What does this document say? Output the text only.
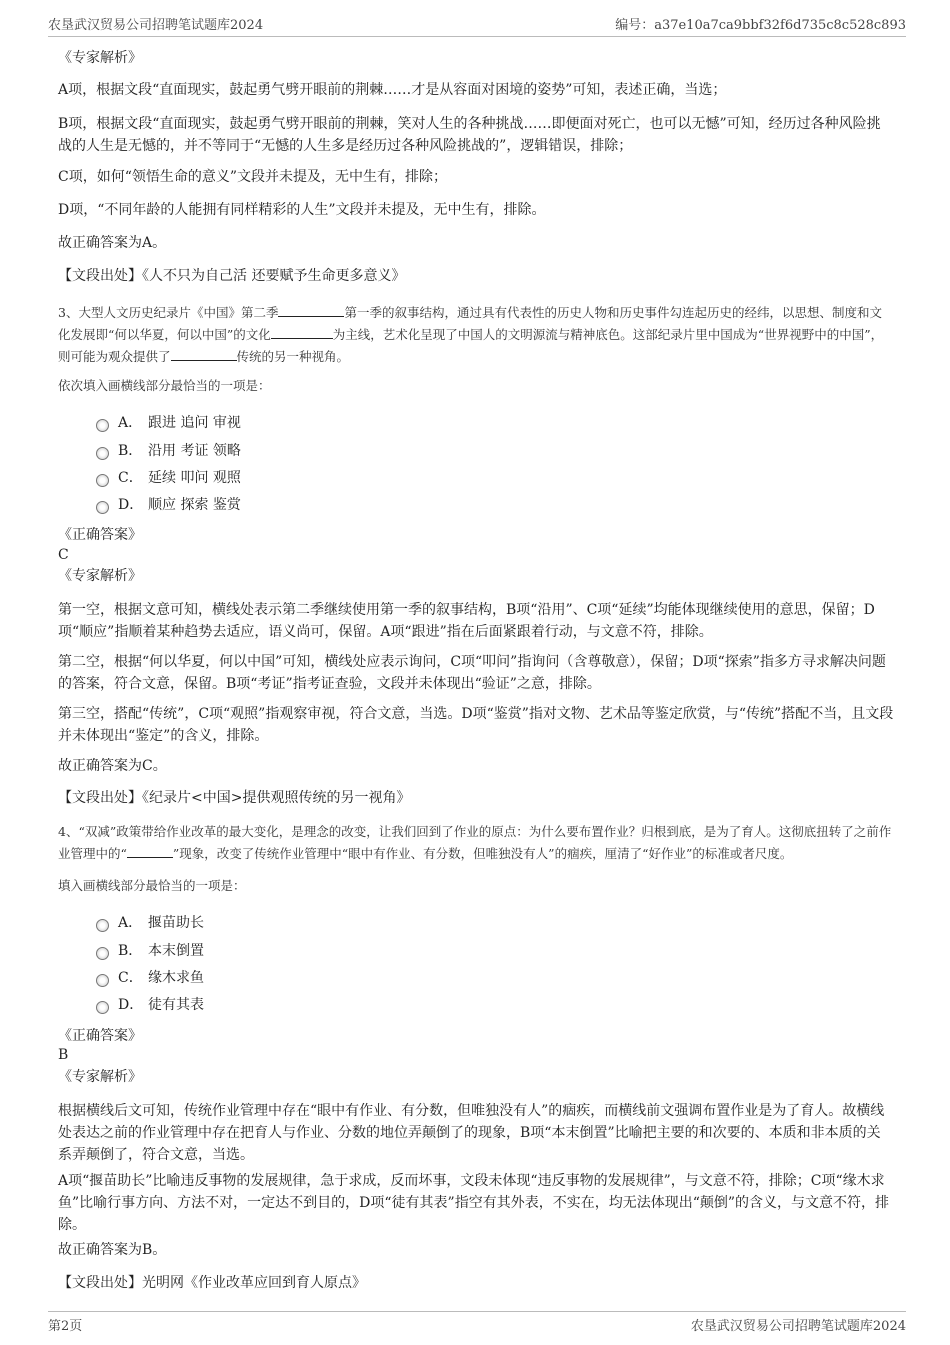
农垦武汉贸易公司招聘笔试题库2024	编号：a37e10a7ca9bbf32f6d735c8c528c893

《专家解析》

A项，根据文段“直面现实，鼓起勇气劈开眼前的荆棘……才是从容面对困境的姿势”可知，表述正确，当选；

B项，根据文段“直面现实，鼓起勇气劈开眼前的荆棘，笑对人生的各种挑战……即便面对死亡，也可以无憾”可知，经历过各种风险挑战的人生是无憾的，并不等同于“无憾的人生多是经历过各种风险挑战的”，逻辑错误，排除；

C项，如何“领悟生命的意义”文段并未提及，无中生有，排除；

D项，“不同年龄的人能拥有同样精彩的人生”文段并未提及，无中生有，排除。

故正确答案为A。

【文段出处】《人不只为自己活 还要赋予生命更多意义》

3、大型人文历史纪录片《中国》第二季	第一季的叙事结构，通过具有代表性的历史人物和历史事件勾连起历史的经纬，以思想、制度和文化发展即“何以华夏，何以中国”的文化	为主线，艺术化呈现了中国人的文明源流与精神底色。这部纪录片里中国成为“世界视野中的中国”，则可能为观众提供了	传统的另一种视角。

依次填入画横线部分最恰当的一项是：

A． 跟进 追问 审视
B． 沿用 考证 领略
C． 延续 叩问 观照
D． 顺应 探索 鉴赏

《正确答案》

C

《专家解析》

第一空，根据文意可知，横线处表示第二季继续使用第一季的叙事结构，B项“沿用”、C项“延续”均能体现继续使用的意思，保留；D项“顺应”指顺着某种趋势去适应，语义尚可，保留。A项“跟进”指在后面紧跟着行动，与文意不符，排除。

第二空，根据“何以华夏，何以中国”可知，横线处应表示询问，C项“叩问”指询问（含尊敬意），保留；D项“探索”指多方寻求解决问题的答案，符合文意，保留。B项“考证”指考证查验，文段并未体现出“验证”之意，排除。

第三空，搭配“传统”，C项“观照”指观察审视，符合文意，当选。D项“鉴赏”指对文物、艺术品等鉴定欣赏，与“传统”搭配不当，且文段并未体现出“鉴定”的含义，排除。

故正确答案为C。

【文段出处】《纪录片<中国>提供观照传统的另一视角》

4、“双减”政策带给作业改革的最大变化，是理念的改变，让我们回到了作业的原点：为什么要布置作业？归根到底，是为了育人。这彻底扭转了之前作业管理中的“	”现象，改变了传统作业管理中“眼中有作业、有分数，但唯独没有人”的痼疾，厘清了“好作业”的标准或者尺度。

填入画横线部分最恰当的一项是：

A． 揠苗助长
B． 本末倒置
C． 缘木求鱼
D． 徒有其表

《正确答案》

B

《专家解析》

根据横线后文可知，传统作业管理中存在“眼中有作业、有分数，但唯独没有人”的痼疾，而横线前文强调布置作业是为了育人。故横线处表达之前的作业管理中存在把育人与作业、分数的地位弄颠倒了的现象，B项“本末倒置”比喻把主要的和次要的、本质和非本质的关系弄颠倒了，符合文意，当选。

A项“揠苗助长”比喻违反事物的发展规律，急于求成，反而坏事，文段未体现“违反事物的发展规律”，与文意不符，排除；C项“缘木求鱼”比喻行事方向、方法不对，一定达不到目的，D项“徒有其表”指空有其外表，不实在，均无法体现出“颠倒”的含义，与文意不符，排除。

故正确答案为B。

【文段出处】光明网《作业改革应回到育人原点》

第2页	农垦武汉贸易公司招聘笔试题库2024
